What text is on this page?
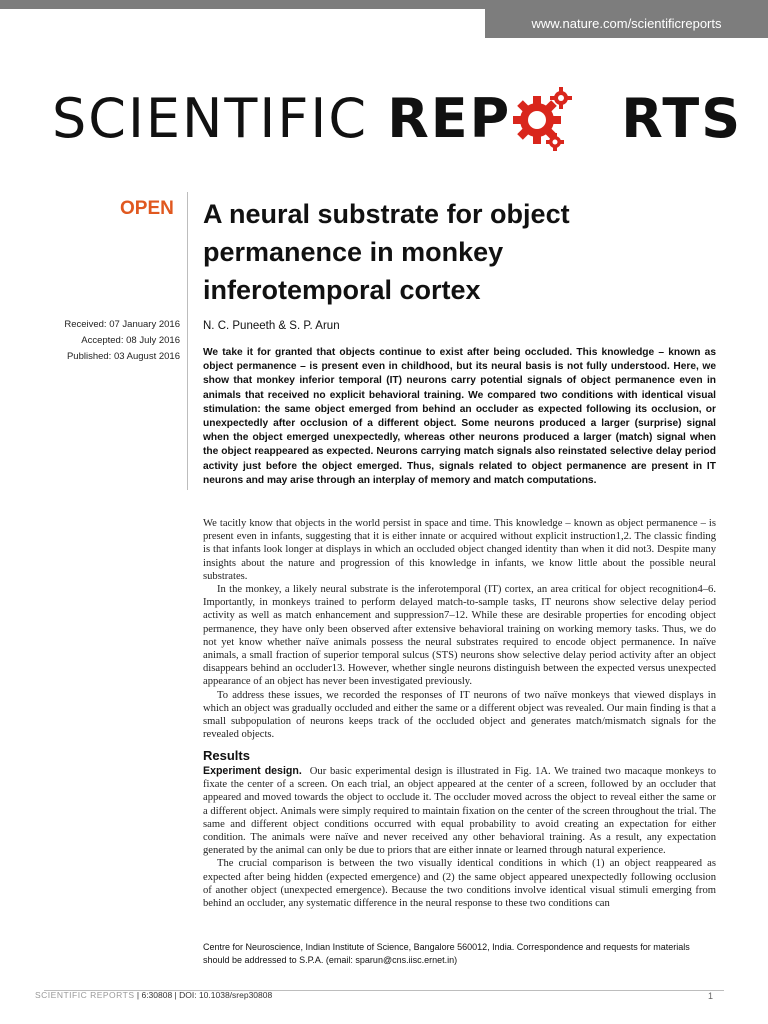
www.nature.com/scientificreports
SCIENTIFIC REP RTS
OPEN A neural substrate for object permanence in monkey inferotemporal cortex
Received: 07 January 2016
Accepted: 08 July 2016
Published: 03 August 2016
N. C. Puneeth & S. P. Arun
We take it for granted that objects continue to exist after being occluded. This knowledge – known as object permanence – is present even in childhood, but its neural basis is not fully understood. Here, we show that monkey inferior temporal (IT) neurons carry potential signals of object permanence even in animals that received no explicit behavioral training. We compared two conditions with identical visual stimulation: the same object emerged from behind an occluder as expected following its occlusion, or unexpectedly after occlusion of a different object. Some neurons produced a larger (surprise) signal when the object emerged unexpectedly, whereas other neurons produced a larger (match) signal when the object reappeared as expected. Neurons carrying match signals also reinstated selective delay period activity just before the object emerged. Thus, signals related to object permanence are present in IT neurons and may arise through an interplay of memory and match computations.

We tacitly know that objects in the world persist in space and time. This knowledge – known as object permanence – is present even in infants, suggesting that it is either innate or acquired without explicit instruction1,2. The classic finding is that infants look longer at displays in which an occluded object changed identity than when it did not3. Despite many insights about the nature and progression of this knowledge in infants, we know little about the possible neural substrates.

In the monkey, a likely neural substrate is the inferotemporal (IT) cortex, an area critical for object recognition4–6. Importantly, in monkeys trained to perform delayed match-to-sample tasks, IT neurons show selective delay period activity as well as match enhancement and suppression7–12. While these are desirable properties for encoding object permanence, they have only been observed after extensive behavioral training on working memory tasks. Thus, we do not yet know whether naïve animals possess the neural substrates required to encode object permanence. In naïve animals, a small fraction of superior temporal sulcus (STS) neurons show selective delay period activity after an object disappears behind an occluder13. However, whether single neurons distinguish between the expected versus unexpected appearance of an object has never been investigated previously.

To address these issues, we recorded the responses of IT neurons of two naïve monkeys that viewed displays in which an object was gradually occluded and either the same or a different object was revealed. Our main finding is that a small subpopulation of neurons keeps track of the occluded object and generates match/mismatch signals for the revealed objects.

Results

Experiment design. Our basic experimental design is illustrated in Fig. 1A. We trained two macaque monkeys to fixate the center of a screen. On each trial, an object appeared at the center of a screen, followed by an occluder that appeared and moved towards the object to occlude it. The occluder moved across the object to reveal either the same or a different object. Animals were simply required to maintain fixation on the center of the screen throughout the trial. The same and different object conditions occurred with equal probability to avoid creating an expectation for either condition. The animals were naïve and never received any other behavioral training. As a result, any expectation generated by the animal can only be due to priors that are either innate or learned through natural experience.

The crucial comparison is between the two visually identical conditions in which (1) an object reappeared as expected after being hidden (expected emergence) and (2) the same object appeared unexpectedly following occlusion of another object (unexpected emergence). Because the two conditions involve identical visual stimuli emerging from behind an occluder, any systematic difference in the neural response to these two conditions can

Centre for Neuroscience, Indian Institute of Science, Bangalore 560012, India. Correspondence and requests for materials should be addressed to S.P.A. (email: sparun@cns.iisc.ernet.in)
SCIENTIFIC REPORTS | 6:30808 | DOI: 10.1038/srep30808	1
